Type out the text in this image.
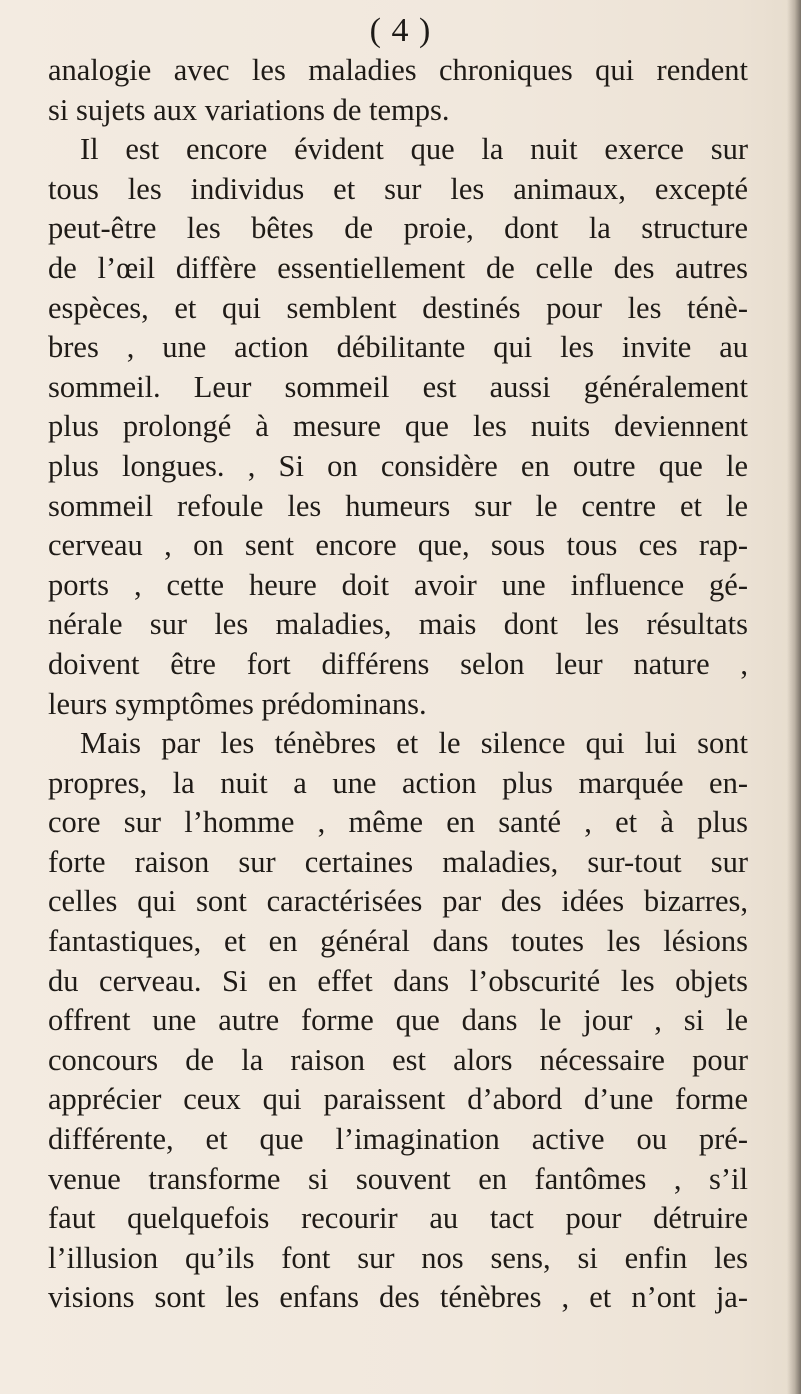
( 4 )
analogie avec les maladies chroniques qui rendent
si sujets aux variations de temps.
Il est encore évident que la nuit exerce sur
tous les individus et sur les animaux, excepté
peut-être les bêtes de proie, dont la structure
de l’œil diffère essentiellement de celle des autres
espèces, et qui semblent destinés pour les ténè-
bres , une action débilitante qui les invite au
sommeil. Leur sommeil est aussi généralement
plus prolongé à mesure que les nuits deviennent
plus longues. , Si on considère en outre que le
sommeil refoule les humeurs sur le centre et le
cerveau , on sent encore que, sous tous ces rap-
ports , cette heure doit avoir une influence gé-
nérale sur les maladies, mais dont les résultats
doivent être fort différens selon leur nature ,
leurs symptômes prédominans.
Mais par les ténèbres et le silence qui lui sont
propres, la nuit a une action plus marquée en-
core sur l’homme , même en santé , et à plus
forte raison sur certaines maladies, sur-tout sur
celles qui sont caractérisées par des idées bizarres,
fantastiques, et en général dans toutes les lésions
du cerveau. Si en effet dans l’obscurité les objets
offrent une autre forme que dans le jour , si le
concours de la raison est alors nécessaire pour
apprécier ceux qui paraissent d’abord d’une forme
différente, et que l’imagination active ou pré-
venue transforme si souvent en fantômes , s’il
faut quelquefois recourir au tact pour détruire
l’illusion qu’ils font sur nos sens, si enfin les
visions sont les enfans des ténèbres , et n’ont ja-
